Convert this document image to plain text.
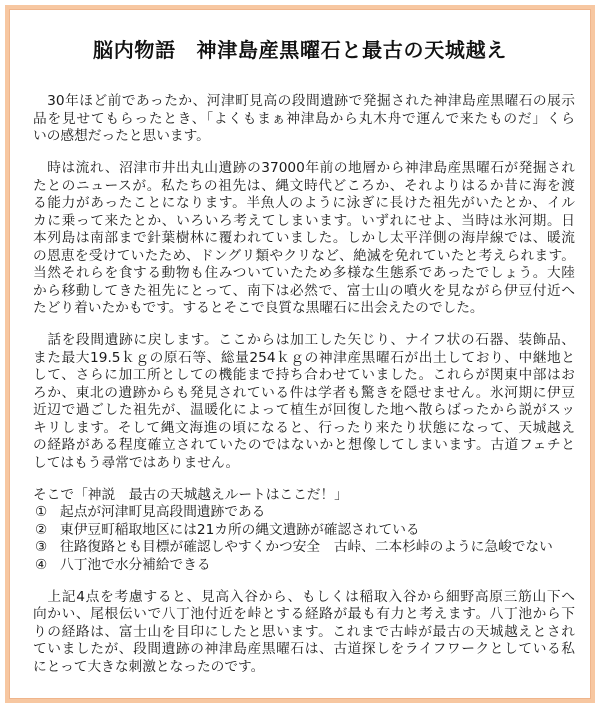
脳内物語　神津島産黒曜石と最古の天城越え
　30年ほど前であったか、河津町見高の段間遺跡で発掘された神津島産黒曜石の展示
品を見せてもらったとき、「よくもまぁ神津島から丸木舟で運んで来たものだ」くら
いの感想だったと思います。
　時は流れ、沼津市井出丸山遺跡の37000年前の地層から神津島産黒曜石が発掘され
たとのニュースが。私たちの祖先は、縄文時代どころか、それよりはるか昔に海を渡
る能力があったことになります。半魚人のように泳ぎに長けた祖先がいたとか、イル
カに乗って来たとか、いろいろ考えてしまいます。いずれにせよ、当時は氷河期。日
本列島は南部まで針葉樹林に覆われていました。しかし太平洋側の海岸線では、暖流
の恩恵を受けていたため、ドングリ類やクリなど、絶滅を免れていたと考えられます。
当然それらを食する動物も住みついていたため多様な生態系であったでしょう。大陸
から移動してきた祖先にとって、南下は必然で、富士山の噴火を見ながら伊豆付近へ
たどり着いたかもです。するとそこで良質な黒曜石に出会えたのでした。
　話を段間遺跡に戻します。ここからは加工した矢じり、ナイフ状の石器、装飾品、
また最大19.5ｋｇの原石等、総量254ｋｇの神津産黒曜石が出土しており、中継地と
して、さらに加工所としての機能まで持ち合わせていました。これらが関東中部はお
ろか、東北の遺跡からも発見されている件は学者も驚きを隠せません。氷河期に伊豆
近辺で過ごした祖先が、温暖化によって植生が回復した地へ散らばったから説がスッ
キリします。そして縄文海進の頃になると、行ったり来たり状態になって、天城越え
の経路がある程度確立されていたのではないかと想像してしまいます。古道フェチと
してはもう尋常ではありません。
そこで「神説　最古の天城越えルートはここだ！」
① 起点が河津町見高段間遺跡である
② 東伊豆町稲取地区には21カ所の縄文遺跡が確認されている
③ 往路復路とも目標が確認しやすくかつ安全　古峠、二本杉峠のように急峻でない
④ 八丁池で水分補給できる
　上記4点を考慮すると、見高入谷から、もしくは稲取入谷から細野高原三筋山下へ
向かい、尾根伝いで八丁池付近を峠とする経路が最も有力と考えます。八丁池から下
りの経路は、富士山を目印にしたと思います。これまで古峠が最古の天城越えとされ
ていましたが、段間遺跡の神津島産黒曜石は、古道探しをライフワークとしている私
にとって大きな刺激となったのです。
